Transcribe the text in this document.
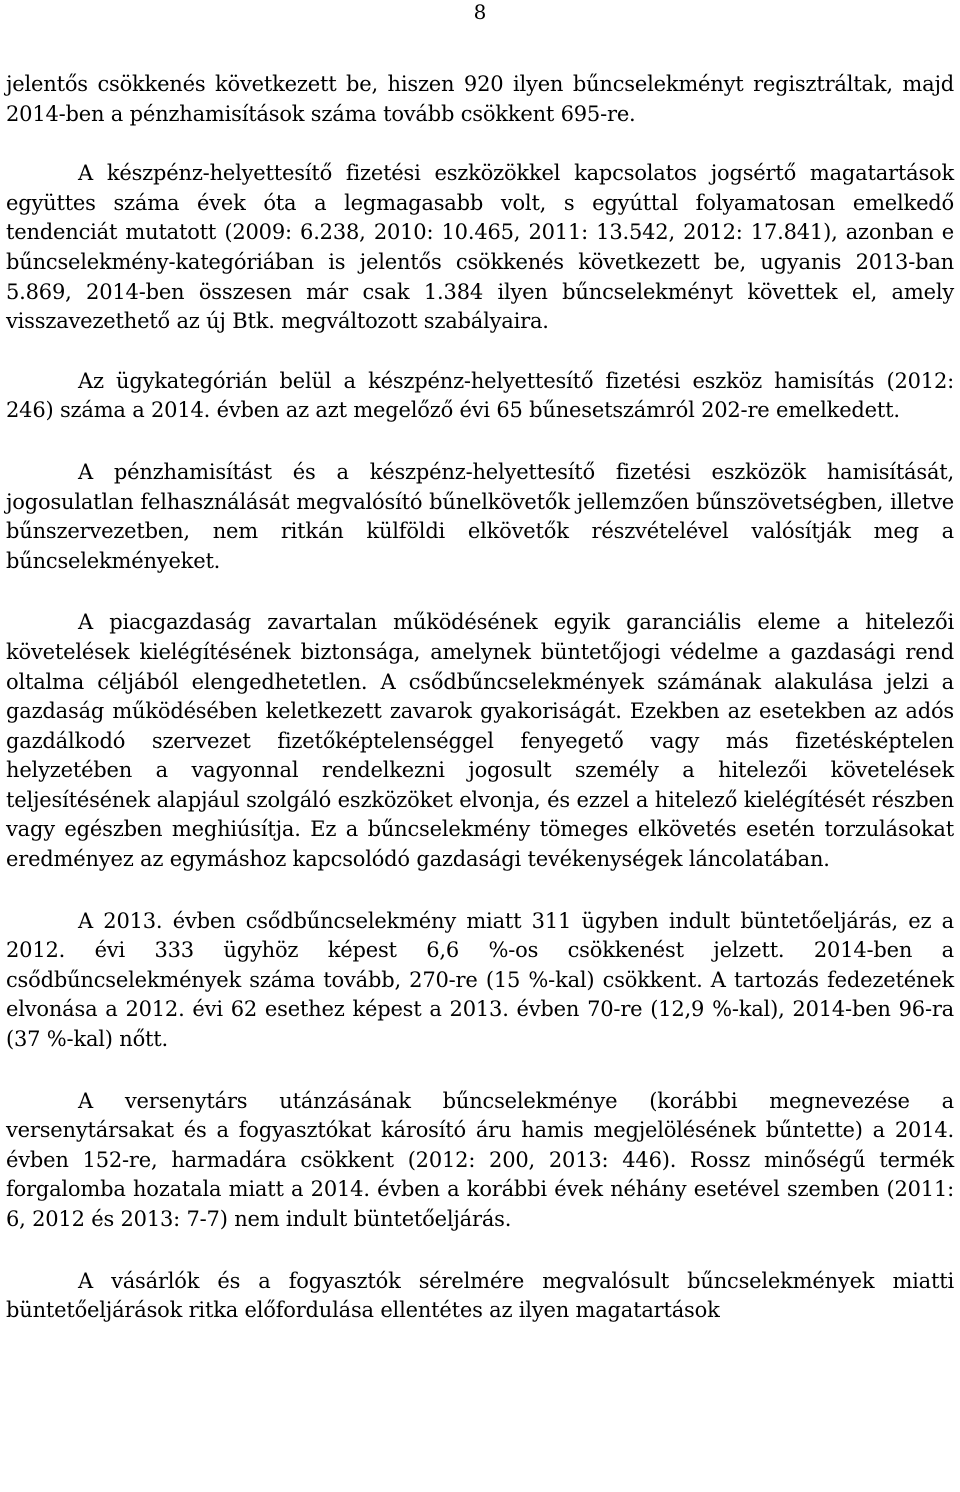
8

jelentős csökkenés következett be, hiszen 920 ilyen bűncselekményt regisztráltak, majd 2014-ben a pénzhamisítások száma tovább csökkent 695-re.

A készpénz-helyettesítő fizetési eszközökkel kapcsolatos jogsértő magatartások együttes száma évek óta a legmagasabb volt, s egyúttal folyamatosan emelkedő tendenciát mutatott (2009: 6.238, 2010: 10.465, 2011: 13.542, 2012: 17.841), azonban e bűncselekmény-kategóriában is jelentős csökkenés következett be, ugyanis 2013-ban 5.869, 2014-ben összesen már csak 1.384 ilyen bűncselekményt követtek el, amely visszavezethető az új Btk. megváltozott szabályaira.

Az ügykategórián belül a készpénz-helyettesítő fizetési eszköz hamisítás (2012: 246) száma a 2014. évben az azt megelőző évi 65 bűnesetszámról 202-re emelkedett.

A pénzhamisítást és a készpénz-helyettesítő fizetési eszközök hamisítását, jogosulatlan felhasználását megvalósító bűnelkövetők jellemzően bűnszövetségben, illetve bűnszervezetben, nem ritkán külföldi elkövetők részvételével valósítják meg a bűncselekményeket.

A piacgazdaság zavartalan működésének egyik garanciális eleme a hitelezői követelések kielégítésének biztonsága, amelynek büntetőjogi védelme a gazdasági rend oltalma céljából elengedhetetlen. A csődbűncselekmények számának alakulása jelzi a gazdaság működésében keletkezett zavarok gyakoriságát. Ezekben az esetekben az adós gazdálkodó szervezet fizetőképtelenséggel fenyegető vagy más fizetésképtelen helyzetében a vagyonnal rendelkezni jogosult személy a hitelezői követelések teljesítésének alapjául szolgáló eszközöket elvonja, és ezzel a hitelező kielégítését részben vagy egészben meghiúsítja. Ez a bűncselekmény tömeges elkövetés esetén torzulásokat eredményez az egymáshoz kapcsolódó gazdasági tevékenységek láncolatában.

A 2013. évben csődbűncselekmény miatt 311 ügyben indult büntetőeljárás, ez a 2012. évi 333 ügyhöz képest 6,6 %-os csökkenést jelzett. 2014-ben a csődbűncselekmények száma tovább, 270-re (15 %-kal) csökkent. A tartozás fedezetének elvonása a 2012. évi 62 esethez képest a 2013. évben 70-re (12,9 %-kal), 2014-ben 96-ra (37 %-kal) nőtt.

A versenytárs utánzásának bűncselekménye (korábbi megnevezése a versenytársakat és a fogyasztókat károsító áru hamis megjelölésének bűntette) a 2014. évben 152-re, harmadára csökkent (2012: 200, 2013: 446). Rossz minőségű termék forgalomba hozatala miatt a 2014. évben a korábbi évek néhány esetével szemben (2011: 6, 2012 és 2013: 7-7) nem indult büntetőeljárás.

A vásárlók és a fogyasztók sérelmére megvalósult bűncselekmények miatti büntetőeljárások ritka előfordulása ellentétes az ilyen magatartások
